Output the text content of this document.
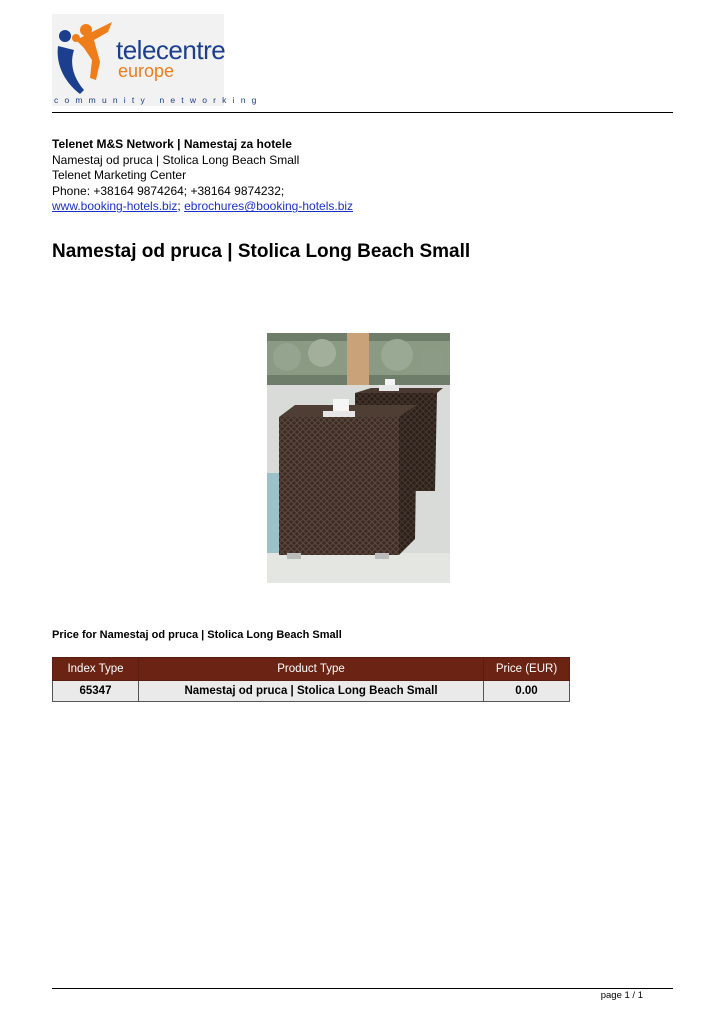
telecentre
europe
community networking
Telenet M&S Network | Namestaj za hotele
Namestaj od pruca | Stolica Long Beach Small
Telenet Marketing Center
Phone: +38164 9874264; +38164 9874232;
www.booking-hotels.biz; ebrochures@booking-hotels.biz
Namestaj od pruca | Stolica Long Beach Small
Price for Namestaj od pruca | Stolica Long Beach Small
Index Type	Product Type	Price (EUR)
65347	Namestaj od pruca | Stolica Long Beach Small	0.00
page 1 / 1
